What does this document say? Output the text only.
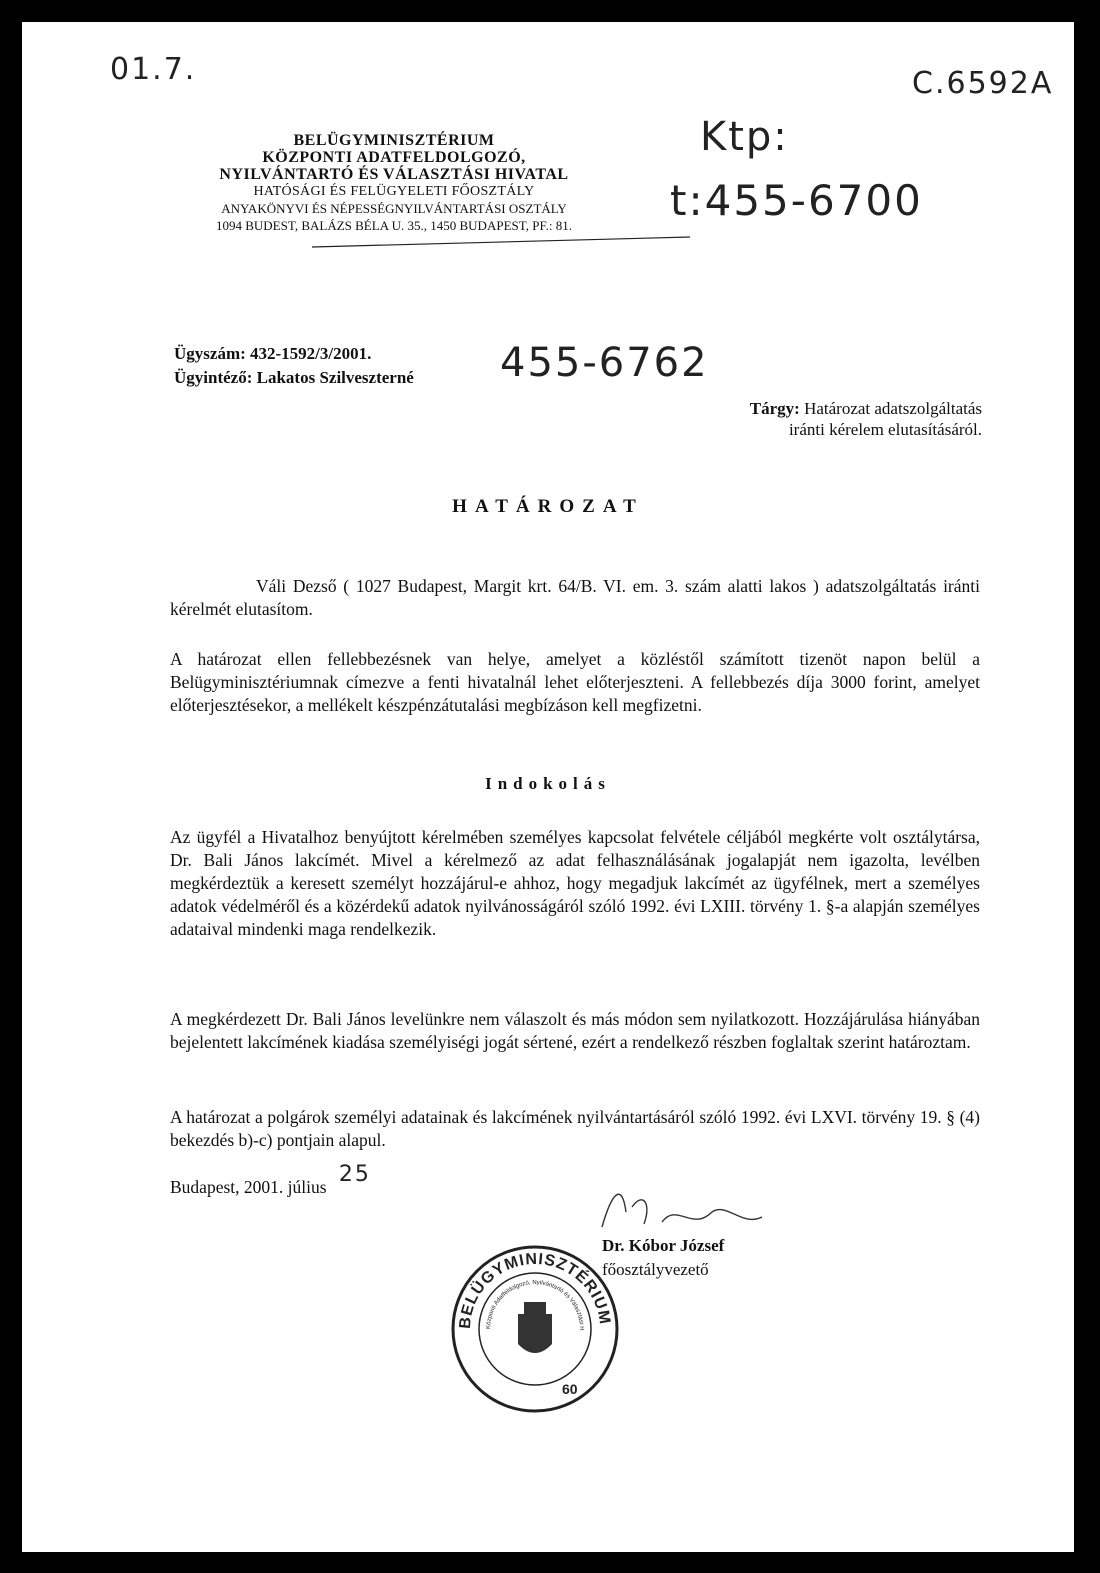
01.7.	C.6592A
Ktp:
t:455-6700
455-6762
BELÜGYMINISZTÉRIUM
KÖZPONTI ADATFELDOLGOZÓ,
NYILVÁNTARTÓ ÉS VÁLASZTÁSI HIVATAL
HATÓSÁGI ÉS FELÜGYELETI FŐOSZTÁLY
ANYAKÖNYVI ÉS NÉPESSÉGNYILVÁNTARTÁSI OSZTÁLY
1094 BUDEST, BALÁZS BÉLA U. 35., 1450 BUDAPEST, PF.: 81.
Ügyszám: 432-1592/3/2001.
Ügyintéző: Lakatos Szilveszterné
Tárgy: Határozat adatszolgáltatás
iránti kérelem elutasításáról.
HATÁROZAT
Váli Dezső ( 1027 Budapest, Margit krt. 64/B. VI. em. 3. szám alatti lakos ) adatszolgáltatás iránti kérelmét elutasítom.
A határozat ellen fellebbezésnek van helye, amelyet a közléstől számított tizenöt napon belül a Belügyminisztériumnak címezve a fenti hivatalnál lehet előterjeszteni. A fellebbezés díja 3000 forint, amelyet előterjesztésekor, a mellékelt készpénzátutalási megbízáson kell megfizetni.
Indokolás
Az ügyfél a Hivatalhoz benyújtott kérelmében személyes kapcsolat felvétele céljából megkérte volt osztálytársa, Dr. Bali János lakcímét. Mivel a kérelmező az adat felhasználásának jogalapját nem igazolta, levélben megkérdeztük a keresett személyt hozzájárul-e ahhoz, hogy megadjuk lakcímét az ügyfélnek, mert a személyes adatok védelméről és a közérdekű adatok nyilvánosságáról szóló 1992. évi LXIII. törvény 1. §-a alapján személyes adataival mindenki maga rendelkezik.
A megkérdezett Dr. Bali János levelünkre nem válaszolt és más módon sem nyilatkozott. Hozzájárulása hiányában bejelentett lakcímének kiadása személyiségi jogát sértené, ezért a rendelkező részben foglaltak szerint határoztam.
A határozat a polgárok személyi adatainak és lakcímének nyilvántartásáról szóló 1992. évi LXVI. törvény 19. § (4) bekezdés b)-c) pontjain alapul.
Budapest, 2001. július 25
Dr. Kóbor József
főosztályvezető
BELÜGYMINISZTÉRIUM
Központi Adatfeldolgozó, Nyilvántartó és Választási H
60
